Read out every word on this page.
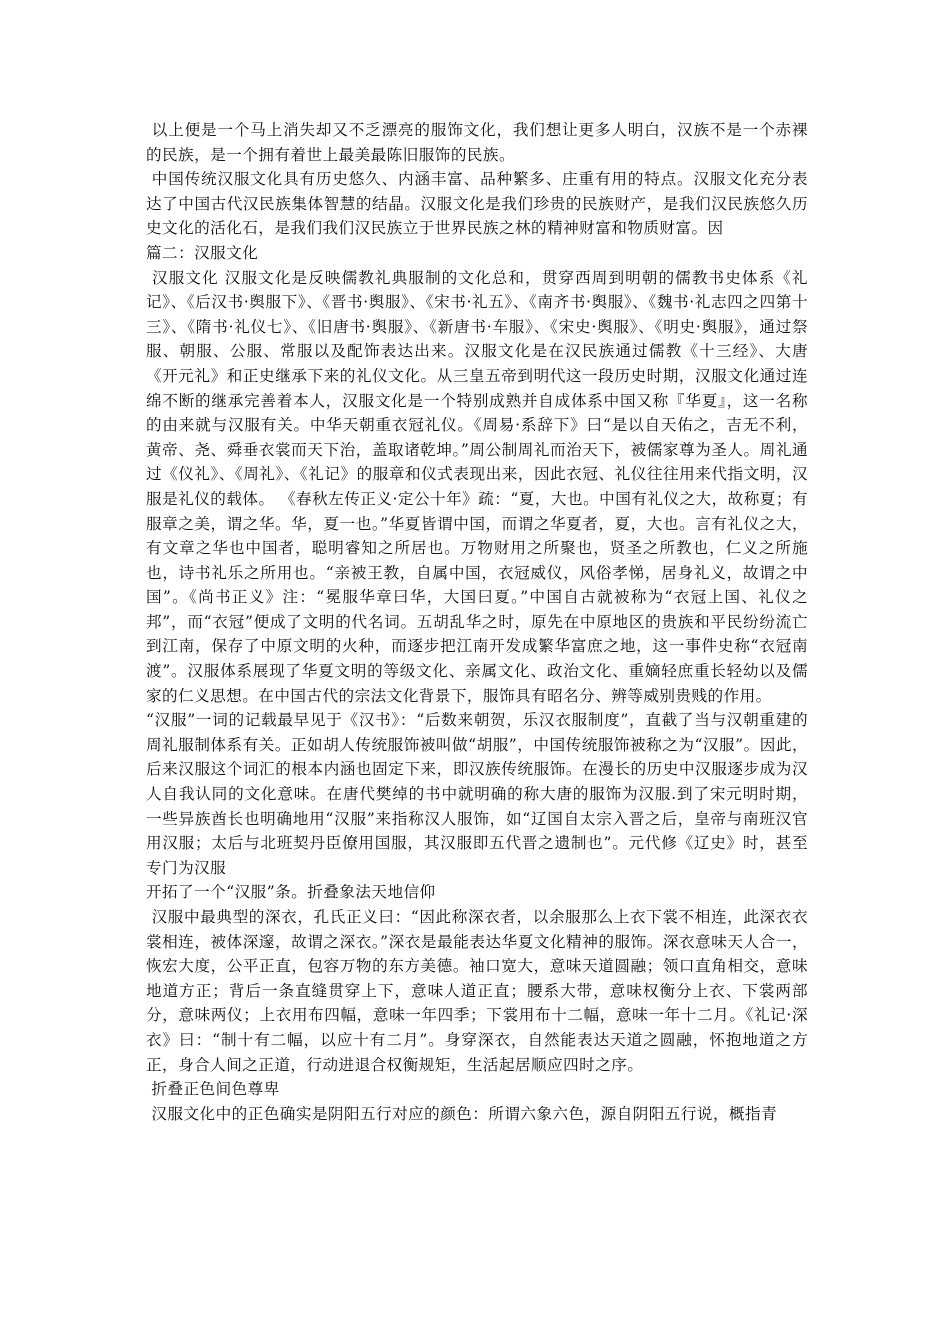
以上便是一个马上消失却又不乏漂亮的服饰文化，我们想让更多人明白，汉族不是一个赤裸的民族，是一个拥有着世上最美最陈旧服饰的民族。

中国传统汉服文化具有历史悠久、内涵丰富、品种繁多、庄重有用的特点。汉服文化充分表达了中国古代汉民族集体智慧的结晶。汉服文化是我们珍贵的民族财产，是我们汉民族悠久历史文化的活化石，是我们我们汉民族立于世界民族之林的精神财富和物质财富。因

篇二：汉服文化

汉服文化 汉服文化是反映儒教礼典服制的文化总和，贯穿西周到明朝的儒教书史体系《礼记》、《后汉书·舆服下》、《晋书·舆服》、《宋书·礼五》、《南齐书·舆服》、《魏书·礼志四之四第十三》、《隋书·礼仪七》、《旧唐书·舆服》、《新唐书·车服》、《宋史·舆服》、《明史·舆服》，通过祭服、朝服、公服、常服以及配饰表达出来。汉服文化是在汉民族通过儒教《十三经》、大唐《开元礼》和正史继承下来的礼仪文化。从三皇五帝到明代这一段历史时期，汉服文化通过连绵不断的继承完善着本人，汉服文化是一个特别成熟并自成体系中国又称『华夏』，这一名称的由来就与汉服有关。中华天朝重衣冠礼仪。《周易·系辞下》曰“是以自天佑之，吉无不利，黄帝、尧、舜垂衣裳而天下治，盖取诸乾坤。”周公制周礼而治天下，被儒家尊为圣人。周礼通过《仪礼》、《周礼》、《礼记》的服章和仪式表现出来，因此衣冠、礼仪往往用来代指文明，汉服是礼仪的载体。 《春秋左传正义·定公十年》疏：“夏，大也。中国有礼仪之大，故称夏；有服章之美，谓之华。华，夏一也。”华夏皆谓中国，而谓之华夏者，夏，大也。言有礼仪之大，有文章之华也中国者，聪明睿知之所居也。万物财用之所聚也，贤圣之所教也，仁义之所施也，诗书礼乐之所用也。“亲被王教，自属中国，衣冠威仪，风俗孝悌，居身礼义，故谓之中国”。《尚书正义》注：“冕服华章曰华，大国曰夏。”中国自古就被称为“衣冠上国、礼仪之邦”，而“衣冠”便成了文明的代名词。五胡乱华之时，原先在中原地区的贵族和平民纷纷流亡到江南，保存了中原文明的火种，而逐步把江南开发成繁华富庶之地，这一事件史称“衣冠南渡”。汉服体系展现了华夏文明的等级文化、亲属文化、政治文化、重嫡轻庶重长轻幼以及儒家的仁义思想。在中国古代的宗法文化背景下，服饰具有昭名分、辨等威别贵贱的作用。

“汉服”一词的记载最早见于《汉书》：“后数来朝贺，乐汉衣服制度”，直截了当与汉朝重建的周礼服制体系有关。正如胡人传统服饰被叫做“胡服”，中国传统服饰被称之为“汉服”。因此，后来汉服这个词汇的根本内涵也固定下来，即汉族传统服饰。在漫长的历史中汉服逐步成为汉人自我认同的文化意味。在唐代樊绰的书中就明确的称大唐的服饰为汉服.到了宋元明时期，一些异族酋长也明确地用“汉服”来指称汉人服饰，如“辽国自太宗入晋之后，皇帝与南班汉官用汉服；太后与北班契丹臣僚用国服，其汉服即五代晋之遗制也”。元代修《辽史》时，甚至专门为汉服

开拓了一个“汉服”条。折叠象法天地信仰

汉服中最典型的深衣，孔氏正义曰：“因此称深衣者，以余服那么上衣下裳不相连，此深衣衣裳相连，被体深邃，故谓之深衣。”深衣是最能表达华夏文化精神的服饰。深衣意味天人合一，恢宏大度，公平正直，包容万物的东方美德。袖口宽大，意味天道圆融；领口直角相交，意味地道方正；背后一条直缝贯穿上下，意味人道正直；腰系大带，意味权衡分上衣、下裳两部分，意味两仪；上衣用布四幅，意味一年四季；下裳用布十二幅，意味一年十二月。《礼记·深衣》曰：“制十有二幅，以应十有二月”。身穿深衣，自然能表达天道之圆融，怀抱地道之方正，身合人间之正道，行动进退合权衡规矩，生活起居顺应四时之序。

折叠正色间色尊卑

汉服文化中的正色确实是阴阳五行对应的颜色：所谓六象六色，源自阴阳五行说，概指青
